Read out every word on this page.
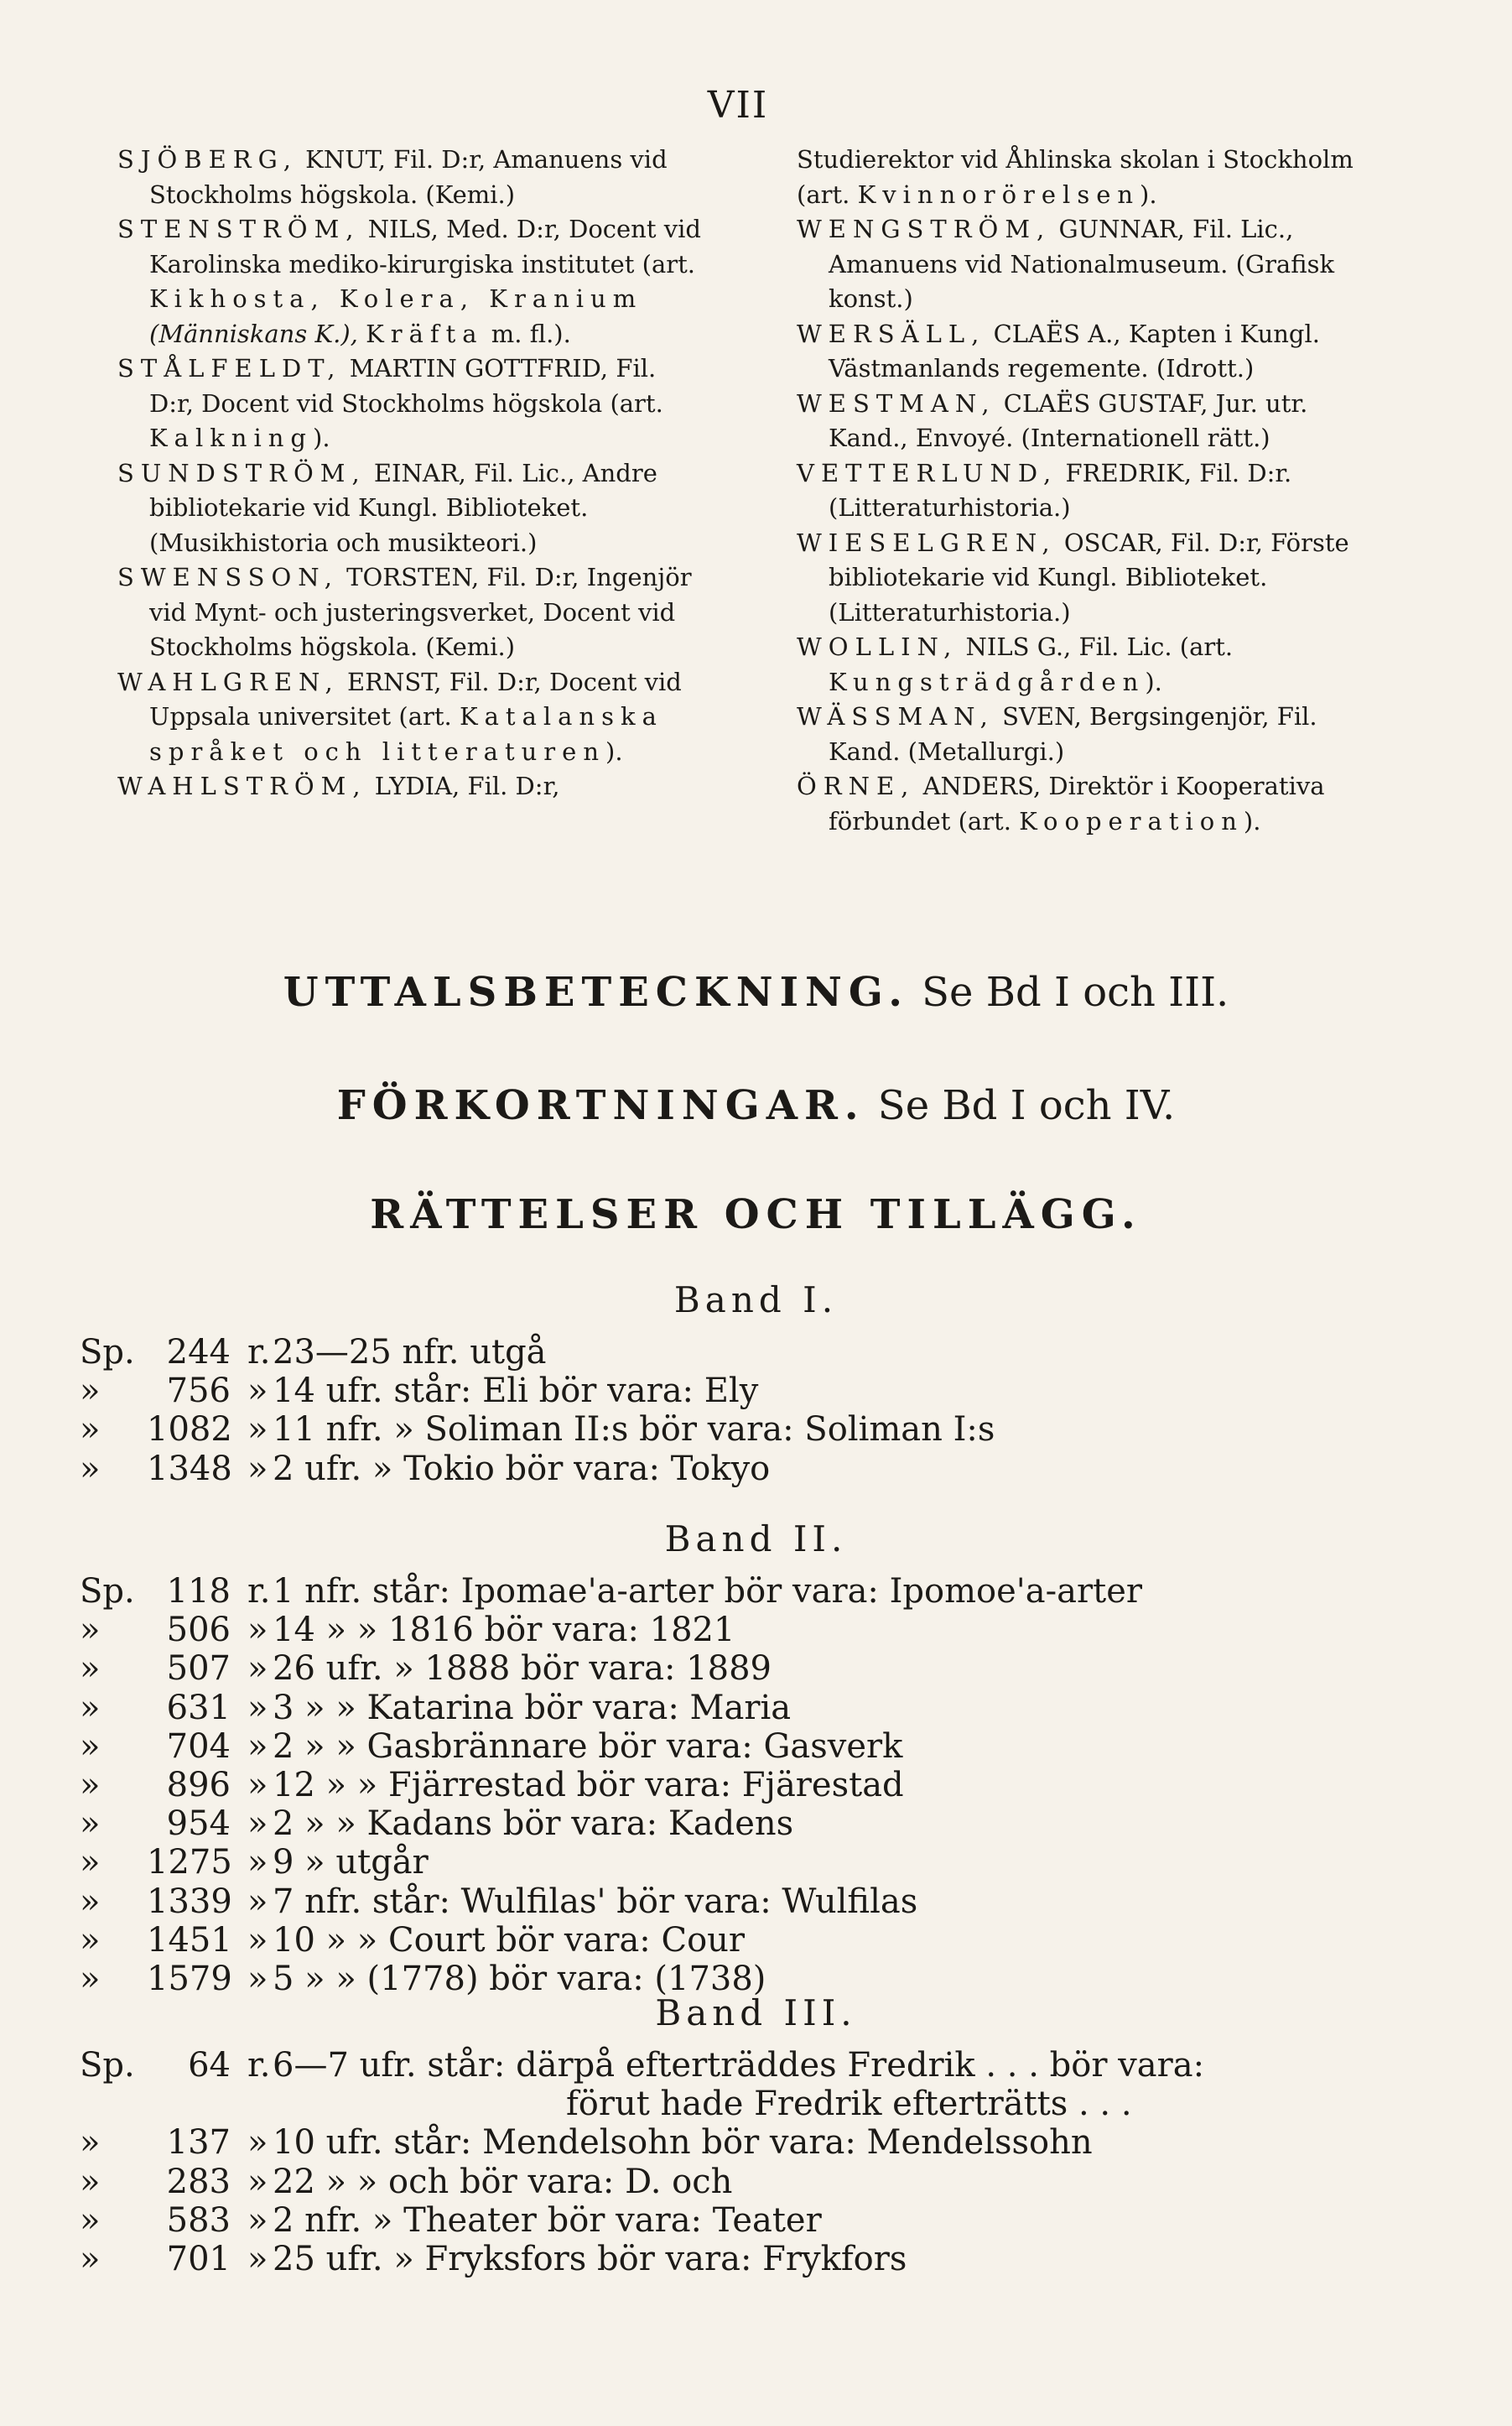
VII
SJÖBERG, KNUT, Fil. D:r, Amanuens vid Stockholms högskola. (Kemi.)
STENSTRÖM, NILS, Med. D:r, Docent vid Karolinska mediko-kirurgiska institutet (art. Kikhosta, Kolera, Kranium (Människans K.), Kräfta m. fl.).
STÅLFELDT, MARTIN GOTTFRID, Fil. D:r, Docent vid Stockholms högskola (art. Kalkning).
SUNDSTRÖM, EINAR, Fil. Lic., Andre bibliotekarie vid Kungl. Biblioteket. (Musikhistoria och musikteori.)
SWENSSON, TORSTEN, Fil. D:r, Ingenjör vid Mynt- och justeringsverket, Docent vid Stockholms högskola. (Kemi.)
WAHLGREN, ERNST, Fil. D:r, Docent vid Uppsala universitet (art. Katalanska språket och litteraturen).
WAHLSTRÖM, LYDIA, Fil. D:r,
Studierektor vid Åhlinska skolan i Stockholm (art. Kvinnorörelsen).
WENGSTRÖM, GUNNAR, Fil. Lic., Amanuens vid Nationalmuseum. (Grafisk konst.)
WERSÄLL, CLAËS A., Kapten i Kungl. Västmanlands regemente. (Idrott.)
WESTMAN, CLAËS GUSTAF, Jur. utr. Kand., Envoyé. (Internationell rätt.)
VETTERLUND, FREDRIK, Fil. D:r. (Litteraturhistoria.)
WIESELGREN, OSCAR, Fil. D:r, Förste bibliotekarie vid Kungl. Biblioteket. (Litteraturhistoria.)
WOLLIN, NILS G., Fil. Lic. (art. Kungsträdgården).
WÄSSMAN, SVEN, Bergsingenjör, Fil. Kand. (Metallurgi.)
ÖRNE, ANDERS, Direktör i Kooperativa förbundet (art. Kooperation).
UTTALSBETECKNING. Se Bd I och III.
FÖRKORTNINGAR. Se Bd I och IV.
RÄTTELSER OCH TILLÄGG.
Band I.
Sp. 244 r. 23—25 nfr. utgå
»	756 » 14 ufr. står: Eli bör vara: Ely
» 1082 » 11 nfr. » Soliman II:s bör vara: Soliman I:s
» 1348 » 2 ufr. » Tokio bör vara: Tokyo
Band II.
Sp. 118 r. 1 nfr. står: Ipomae'a-arter bör vara: Ipomoe'a-arter
»	506 » 14 » » 1816 bör vara: 1821
»	507 » 26 ufr. » 1888 bör vara: 1889
»	631 » 3 » » Katarina bör vara: Maria
»	704 » 2 » » Gasbrännare bör vara: Gasverk
»	896 » 12 » » Fjärrestad bör vara: Fjärestad
»	954 » 2 » » Kadans bör vara: Kadens
» 1275 » 9 » utgår
» 1339 » 7 nfr. står: Wulfilas' bör vara: Wulfilas
» 1451 » 10 » » Court bör vara: Cour
» 1579 » 5 » » (1778) bör vara: (1738)
Band III.
Sp.	64 r. 6—7 ufr. står: därpå efterträddes Fredrik . . . bör vara:
förut hade Fredrik efterträtts . . .
»	137 » 10 ufr. står: Mendelsohn bör vara: Mendelssohn
»	283 » 22 » » och bör vara: D. och
»	583 » 2 nfr. » Theater bör vara: Teater
»	701 » 25 ufr. » Fryksfors bör vara: Frykfors
